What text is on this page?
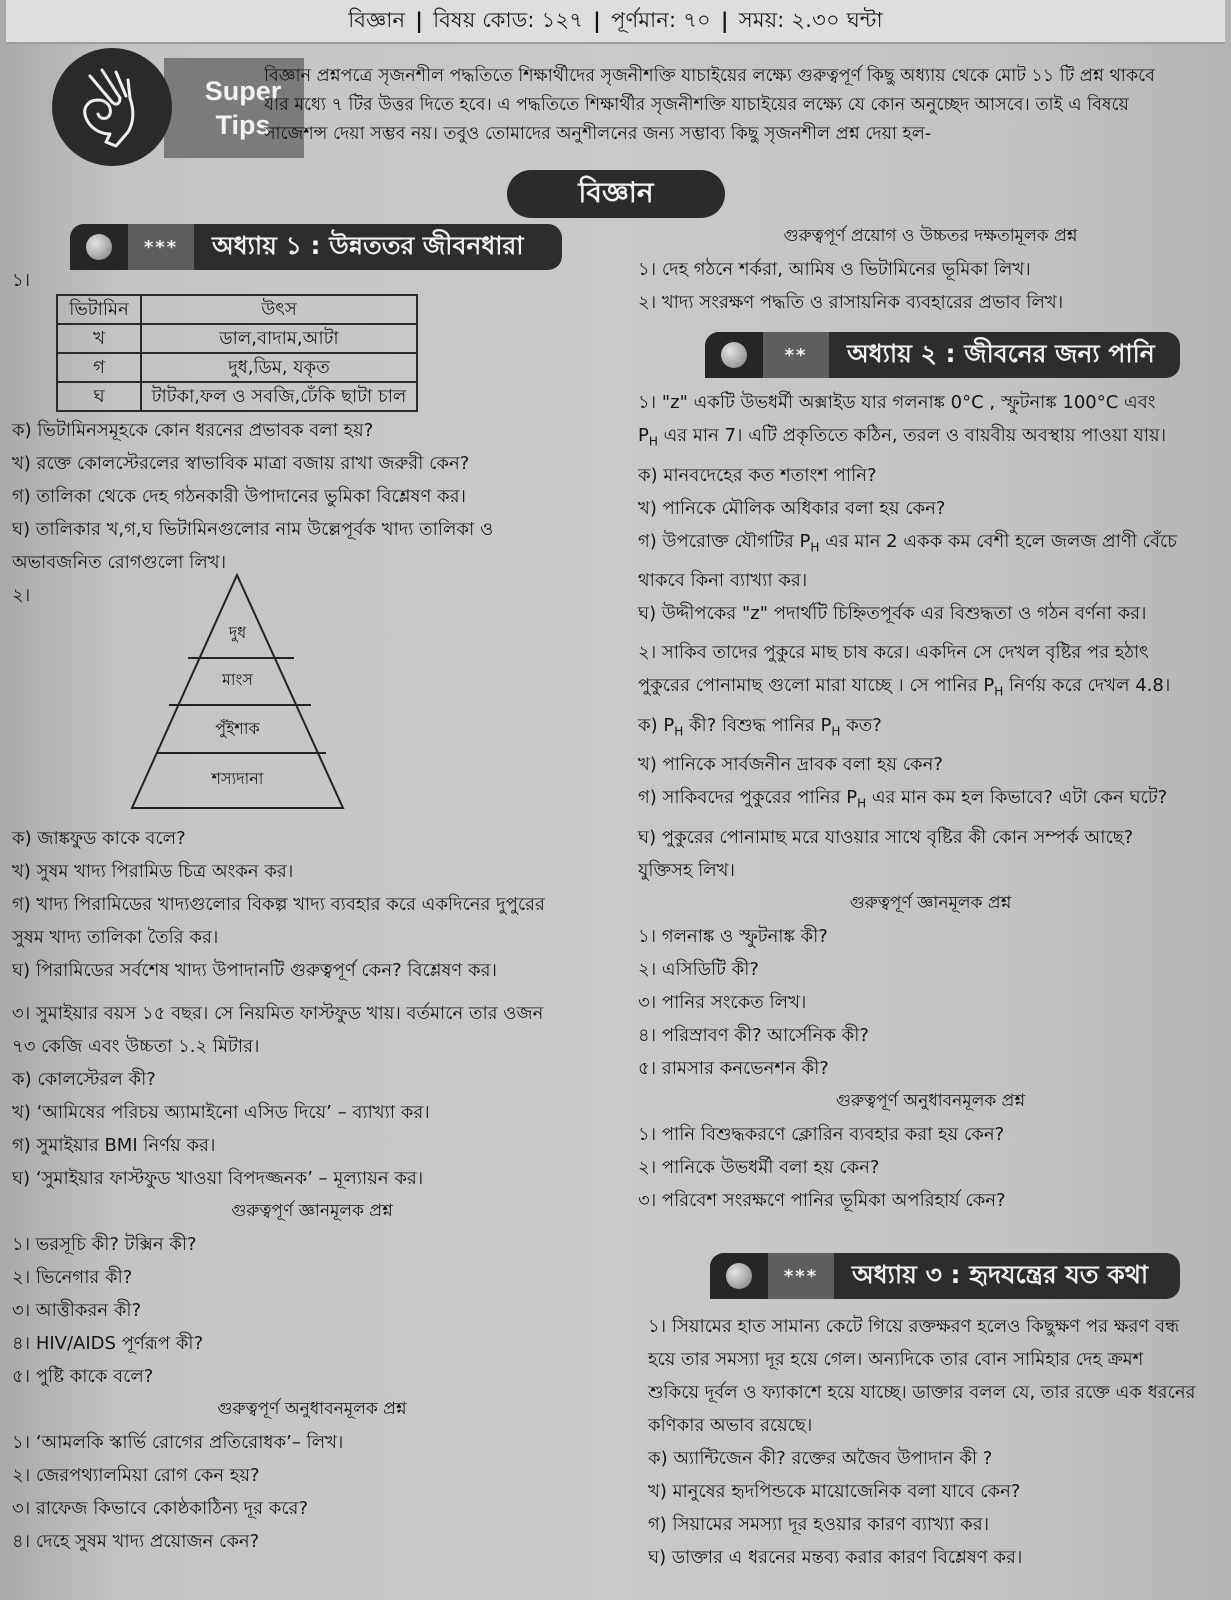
বিজ্ঞান | বিষয় কোড: ১২৭ | পূর্ণমান: ৭০ | সময়: ২.৩০ ঘন্টা
Super
Tips

বিজ্ঞান প্রশ্নপত্রে সৃজনশীল পদ্ধতিতে শিক্ষার্থীদের সৃজনীশক্তি যাচাইয়ের লক্ষ্যে গুরুত্বপূর্ণ কিছু অধ্যায় থেকে মোট ১১ টি প্রশ্ন থাকবে

যার মধ্যে ৭ টির উত্তর দিতে হবে। এ পদ্ধতিতে শিক্ষার্থীর সৃজনীশক্তি যাচাইয়ের লক্ষ্যে যে কোন অনুচ্ছেদ আসবে। তাই এ বিষয়ে

সাজেশন্স দেয়া সম্ভব নয়। তবুও তোমাদের অনুশীলনের জন্য সম্ভাব্য কিছু সৃজনশীল প্রশ্ন দেয়া হল-

বিজ্ঞান
***	অধ্যায় ১ : উন্নততর জীবনধারা

১।

ভিটামিন	উৎস
খ	ডাল,বাদাম,আটা
গ	দুধ,ডিম, যকৃত
ঘ	টাটকা,ফল ও সবজি,ঢেঁকি ছাটা চাল

ক) ভিটামিনসমূহকে কোন ধরনের প্রভাবক বলা হয়?

খ) রক্তে কোলস্টেরলের স্বাভাবিক মাত্রা বজায় রাখা জরুরী কেন?

গ) তালিকা থেকে দেহ গঠনকারী উপাদানের ভুমিকা বিশ্লেষণ কর।

ঘ) তালিকার খ,গ,ঘ ভিটামিনগুলোর নাম উল্লেপূর্বক খাদ্য তালিকা ও

অভাবজনিত রোগগুলো লিখ।

২।

দুধ
মাংস
পুঁইশাক
শস্যদানা

ক) জাঙ্কফুড কাকে বলে?

খ) সুষম খাদ্য পিরামিড চিত্র অংকন কর।

গ) খাদ্য পিরামিডের খাদ্যগুলোর বিকল্প খাদ্য ব্যবহার করে একদিনের দুপুরের

সুষম খাদ্য তালিকা তৈরি কর।

ঘ) পিরামিডের সর্বশেষ খাদ্য উপাদানটি গুরুত্বপূর্ণ কেন? বিশ্লেষণ কর।

৩। সুমাইয়ার বয়স ১৫ বছর। সে নিয়মিত ফাস্টফুড খায়। বর্তমানে তার ওজন

৭৩ কেজি এবং উচ্চতা ১.২ মিটার।

ক) কোলস্টেরল কী?

খ) ‘আমিষের পরিচয় অ্যামাইনো এসিড দিয়ে’ – ব্যাখ্যা কর।

গ) সুমাইয়ার BMI নির্ণয় কর।

ঘ) ‘সুমাইয়ার ফাস্টফুড খাওয়া বিপদজ্জনক’ – মূল্যায়ন কর।

গুরুত্বপূর্ণ জ্ঞানমূলক প্রশ্ন

১। ভরসূচি কী? টক্সিন কী?

২। ভিনেগার কী?

৩। আত্তীকরন কী?

৪। HIV/AIDS পূর্ণরূপ কী?

৫। পুষ্টি কাকে বলে?

গুরুত্বপূর্ণ অনুধাবনমূলক প্রশ্ন

১। ‘আমলকি স্কার্ভি রোগের প্রতিরোধক’– লিখ।

২। জেরপথ্যালমিয়া রোগ কেন হয়?

৩। রাফেজ কিভাবে কোষ্ঠকাঠিন্য দূর করে?

৪। দেহে সুষম খাদ্য প্রয়োজন কেন?

গুরুত্বপূর্ণ প্রয়োগ ও উচ্চতর দক্ষতামূলক প্রশ্ন

১। দেহ গঠনে শর্করা, আমিষ ও ভিটামিনের ভূমিকা লিখ।

২। খাদ্য সংরক্ষণ পদ্ধতি ও রাসায়নিক ব্যবহারের প্রভাব লিখ।

**	অধ্যায় ২ : জীবনের জন্য পানি

১। "z" একটি উভধর্মী অক্সাইড যার গলনাঙ্ক 0°C , স্ফুটনাঙ্ক 100°C এবং

$P_H$ এর মান 7। এটি প্রকৃতিতে কঠিন, তরল ও বায়বীয় অবস্থায় পাওয়া যায়।

ক) মানবদেহের কত শতাংশ পানি?

খ) পানিকে মৌলিক অধিকার বলা হয় কেন?

গ) উপরোক্ত যৌগটির $P_H$ এর মান 2 একক কম বেশী হলে জলজ প্রাণী বেঁচে

থাকবে কিনা ব্যাখ্যা কর।

ঘ) উদ্দীপকের "z" পদার্থটি চিহ্নিতপূর্বক এর বিশুদ্ধতা ও গঠন বর্ণনা কর।

২। সাকিব তাদের পুকুরে মাছ চাষ করে। একদিন সে দেখল বৃষ্টির পর হঠাৎ

পুকুরের পোনামাছ গুলো মারা যাচ্ছে । সে পানির $P_H$ নির্ণয় করে দেখল 4.8।

ক) $P_H$ কী? বিশুদ্ধ পানির $P_H$ কত?

খ) পানিকে সার্বজনীন দ্রাবক বলা হয় কেন?

গ) সাকিবদের পুকুরের পানির $P_H$ এর মান কম হল কিভাবে? এটা কেন ঘটে?

ঘ) পুকুরের পোনামাছ মরে যাওয়ার সাথে বৃষ্টির কী কোন সম্পর্ক আছে?

যুক্তিসহ লিখ।

গুরুত্বপূর্ণ জ্ঞানমূলক প্রশ্ন

১। গলনাঙ্ক ও স্ফুটনাঙ্ক কী?

২। এসিডিটি কী?

৩। পানির সংকেত লিখ।

৪। পরিস্রাবণ কী? আর্সেনিক কী?

৫। রামসার কনভেনশন কী?

গুরুত্বপূর্ণ অনুধাবনমূলক প্রশ্ন

১। পানি বিশুদ্ধকরণে ক্লোরিন ব্যবহার করা হয় কেন?

২। পানিকে উভধর্মী বলা হয় কেন?

৩। পরিবেশ সংরক্ষণে পানির ভূমিকা অপরিহার্য কেন?

***	অধ্যায় ৩ : হৃদযন্ত্রের যত কথা

১। সিয়ামের হাত সামান্য কেটে গিয়ে রক্তক্ষরণ হলেও কিছুক্ষণ পর ক্ষরণ বন্ধ

হয়ে তার সমস্যা দূর হয়ে গেল। অন্যদিকে তার বোন সামিহার দেহ ক্রমশ

শুকিয়ে দূর্বল ও ফ্যাকাশে হয়ে যাচ্ছে। ডাক্তার বলল যে, তার রক্তে এক ধরনের

কণিকার অভাব রয়েছে।

ক) অ্যান্টিজেন কী? রক্তের অজৈব উপাদান কী ?

খ) মানুষের হৃদপিন্ডকে মায়োজেনিক বলা যাবে কেন?

গ) সিয়ামের সমস্যা দূর হওয়ার কারণ ব্যাখ্যা কর।

ঘ) ডাক্তার এ ধরনের মন্তব্য করার কারণ বিশ্লেষণ কর।
